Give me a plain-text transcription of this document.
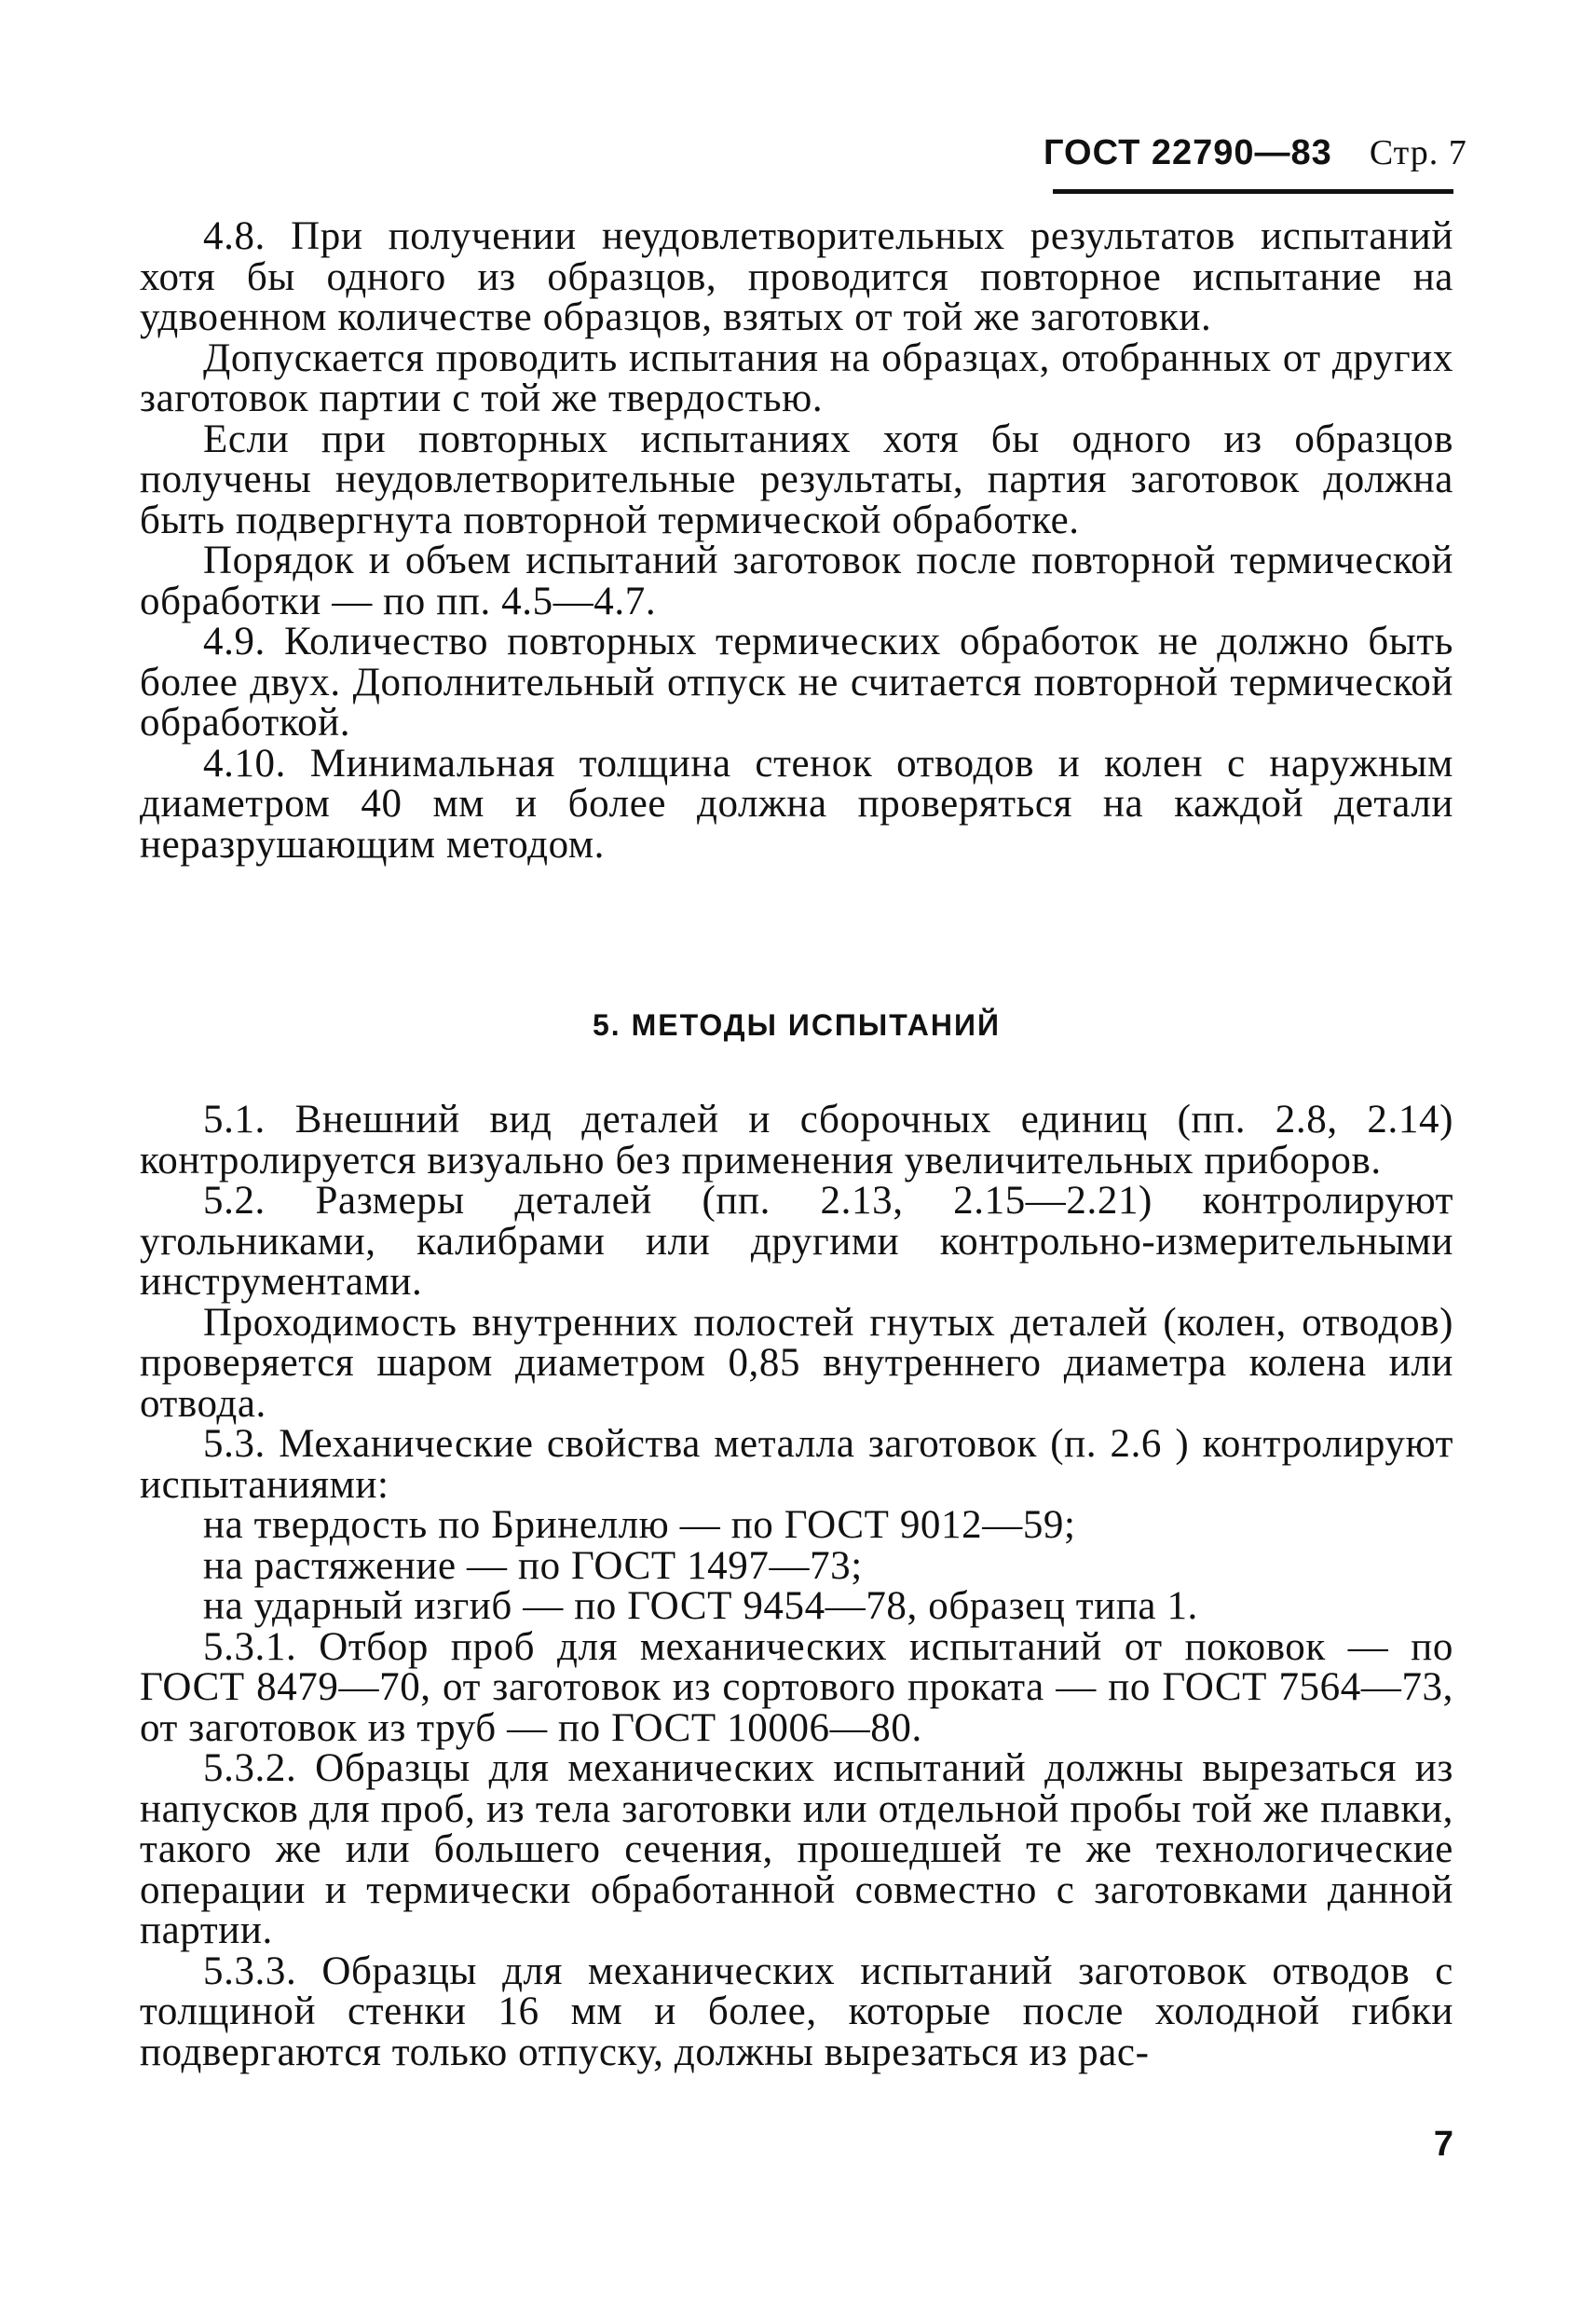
ГОСТ 22790—83 Стр. 7

4.8. При получении неудовлетворительных результатов испытаний хотя бы одного из образцов, проводится повторное испытание на удвоенном количестве образцов, взятых от той же заготовки.

Допускается проводить испытания на образцах, отобранных от других заготовок партии с той же твердостью.

Если при повторных испытаниях хотя бы одного из образцов получены неудовлетворительные результаты, партия заготовок должна быть подвергнута повторной термической обработке.

Порядок и объем испытаний заготовок после повторной термической обработки — по пп. 4.5—4.7.

4.9. Количество повторных термических обработок не должно быть более двух. Дополнительный отпуск не считается повторной термической обработкой.

4.10. Минимальная толщина стенок отводов и колен с наружным диаметром 40 мм и более должна проверяться на каждой детали неразрушающим методом.

5. МЕТОДЫ ИСПЫТАНИЙ

5.1. Внешний вид деталей и сборочных единиц (пп. 2.8, 2.14) контролируется визуально без применения увеличительных приборов.

5.2. Размеры деталей (пп. 2.13, 2.15—2.21) контролируют угольниками, калибрами или другими контрольно-измерительными инструментами.

Проходимость внутренних полостей гнутых деталей (колен, отводов) проверяется шаром диаметром 0,85 внутреннего диаметра колена или отвода.

5.3. Механические свойства металла заготовок (п. 2.6 ) контролируют испытаниями:

на твердость по Бринеллю — по ГОСТ 9012—59;

на растяжение — по ГОСТ 1497—73;

на ударный изгиб — по ГОСТ 9454—78, образец типа 1.

5.3.1. Отбор проб для механических испытаний от поковок — по ГОСТ 8479—70, от заготовок из сортового проката — по ГОСТ 7564—73, от заготовок из труб — по ГОСТ 10006—80.

5.3.2. Образцы для механических испытаний должны вырезаться из напусков для проб, из тела заготовки или отдельной пробы той же плавки, такого же или большего сечения, прошедшей те же технологические операции и термически обработанной совместно с заготовками данной партии.

5.3.3. Образцы для механических испытаний заготовок отводов с толщиной стенки 16 мм и более, которые после холодной гибки подвергаются только отпуску, должны вырезаться из рас-

7
